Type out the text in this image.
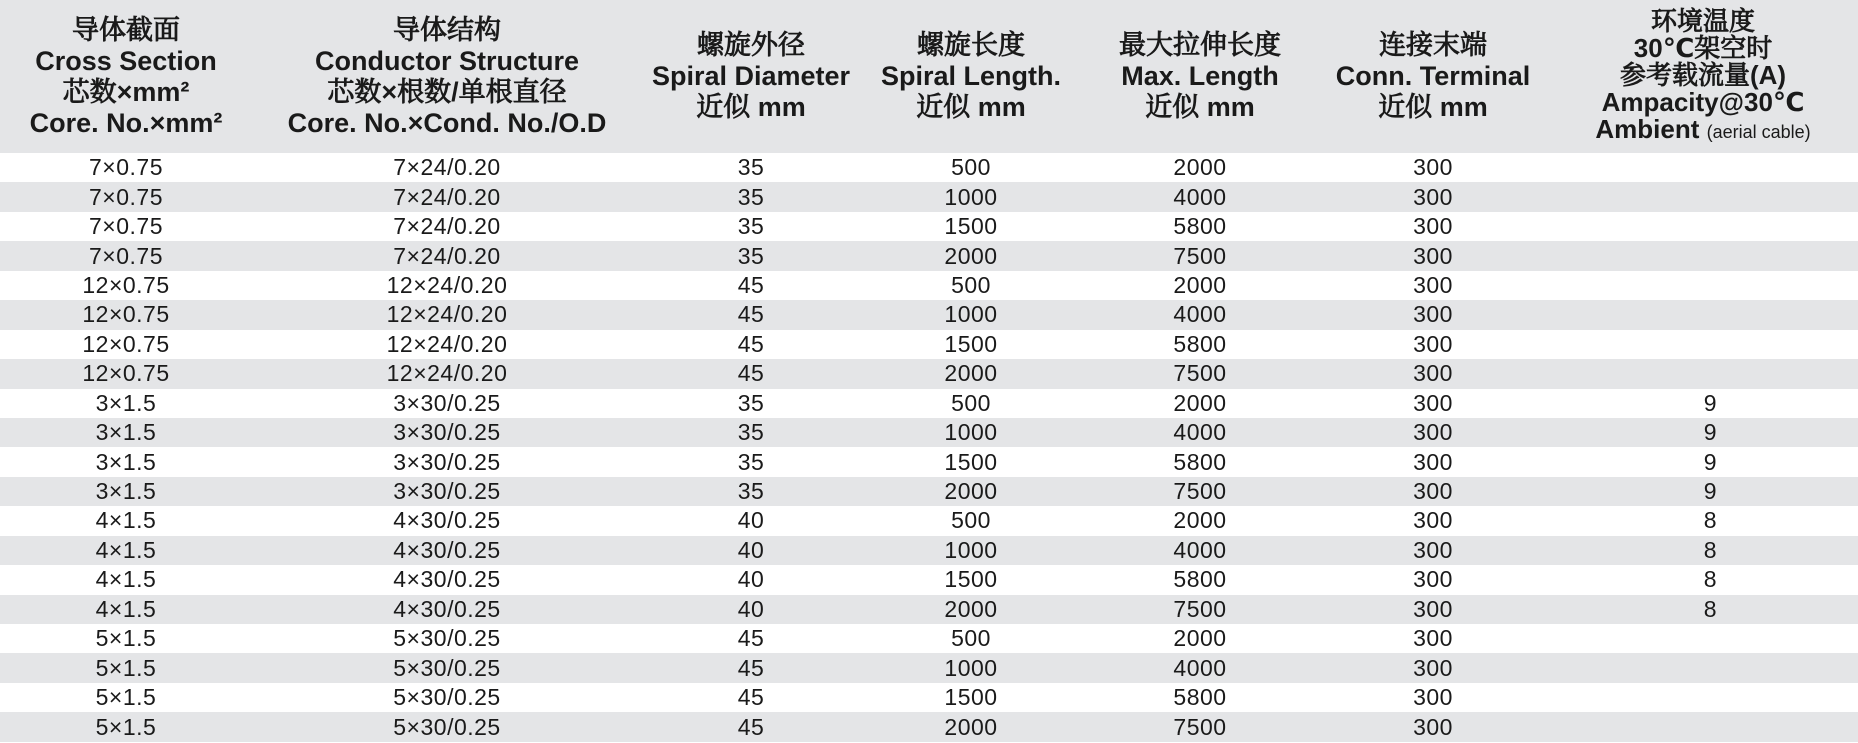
导体截面
Cross Section
芯数×mm²
Core. No.×mm²	导体结构
Conductor Structure
芯数×根数/单根直径
Core. No.×Cond. No./O.D	螺旋外径
Spiral Diameter
近似 mm	螺旋长度
Spiral Length.
近似 mm	最大拉伸长度
Max. Length
近似 mm	连接末端
Conn. Terminal
近似 mm	环境温度
30℃架空时
参考载流量(A)
Ampacity@30℃
Ambient (aerial cable)

7×0.75	7×24/0.20	35	500	2000	300	
7×0.75	7×24/0.20	35	1000	4000	300	
7×0.75	7×24/0.20	35	1500	5800	300	
7×0.75	7×24/0.20	35	2000	7500	300	
12×0.75	12×24/0.20	45	500	2000	300	
12×0.75	12×24/0.20	45	1000	4000	300	
12×0.75	12×24/0.20	45	1500	5800	300	
12×0.75	12×24/0.20	45	2000	7500	300	
3×1.5	3×30/0.25	35	500	2000	300	9
3×1.5	3×30/0.25	35	1000	4000	300	9
3×1.5	3×30/0.25	35	1500	5800	300	9
3×1.5	3×30/0.25	35	2000	7500	300	9
4×1.5	4×30/0.25	40	500	2000	300	8
4×1.5	4×30/0.25	40	1000	4000	300	8
4×1.5	4×30/0.25	40	1500	5800	300	8
4×1.5	4×30/0.25	40	2000	7500	300	8
5×1.5	5×30/0.25	45	500	2000	300	
5×1.5	5×30/0.25	45	1000	4000	300	
5×1.5	5×30/0.25	45	1500	5800	300	
5×1.5	5×30/0.25	45	2000	7500	300	
